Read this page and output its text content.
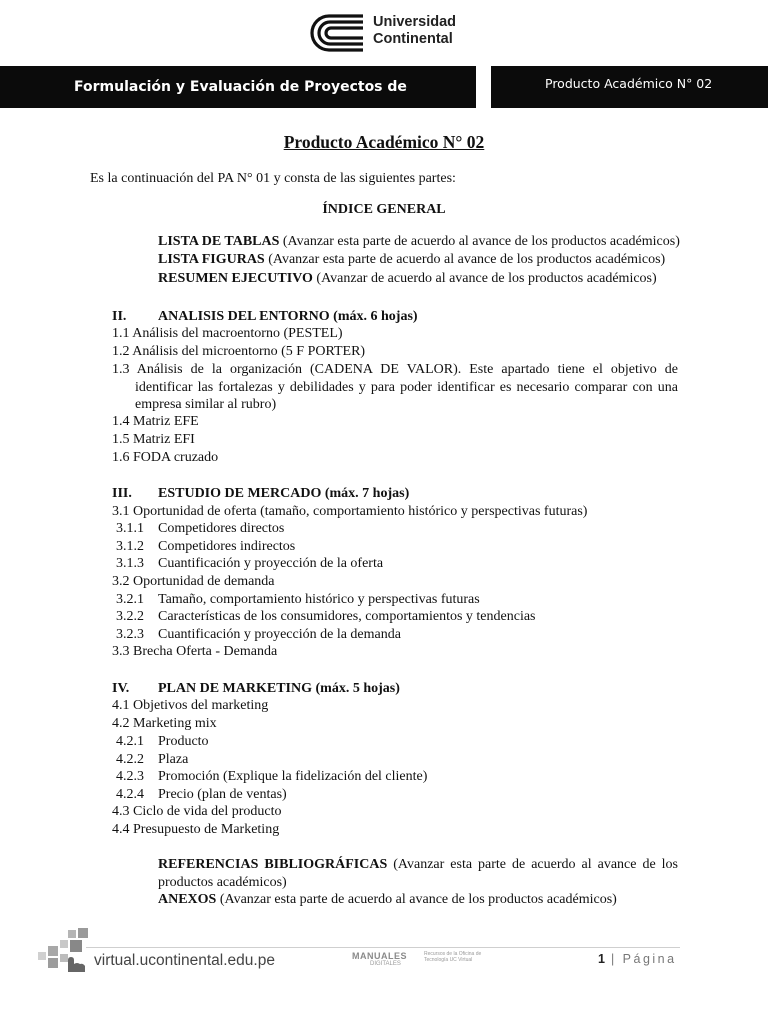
Universidad
Continental
Formulación y Evaluación de Proyectos de Inversión
Producto Académico N° 02
Producto Académico N° 02
Es la continuación del PA N° 01 y consta de las siguientes partes:
ÍNDICE GENERAL
LISTA DE TABLAS (Avanzar esta parte de acuerdo al avance de los productos académicos)
LISTA FIGURAS (Avanzar esta parte de acuerdo al avance de los productos académicos)
RESUMEN EJECUTIVO (Avanzar de acuerdo al avance de los productos académicos)
II. ANALISIS DEL ENTORNO (máx. 6 hojas)
1.1 Análisis del macroentorno (PESTEL)
1.2 Análisis del microentorno (5 F PORTER)
1.3 Análisis de la organización (CADENA DE VALOR). Este apartado tiene el objetivo de identificar las fortalezas y debilidades y para poder identificar es necesario comparar con una empresa similar al rubro)
1.4 Matriz EFE
1.5 Matriz EFI
1.6 FODA cruzado
III. ESTUDIO DE MERCADO (máx. 7 hojas)
3.1 Oportunidad de oferta (tamaño, comportamiento histórico y perspectivas futuras)
3.1.1 Competidores directos
3.1.2 Competidores indirectos
3.1.3 Cuantificación y proyección de la oferta
3.2 Oportunidad de demanda
3.2.1 Tamaño, comportamiento histórico y perspectivas futuras
3.2.2 Características de los consumidores, comportamientos y tendencias
3.2.3 Cuantificación y proyección de la demanda
3.3 Brecha Oferta - Demanda
IV. PLAN DE MARKETING (máx. 5 hojas)
4.1 Objetivos del marketing
4.2 Marketing mix
4.2.1 Producto
4.2.2 Plaza
4.2.3 Promoción (Explique la fidelización del cliente)
4.2.4 Precio (plan de ventas)
4.3 Ciclo de vida del producto
4.4 Presupuesto de Marketing
REFERENCIAS BIBLIOGRÁFICAS (Avanzar esta parte de acuerdo al avance de los productos académicos)
ANEXOS (Avanzar esta parte de acuerdo al avance de los productos académicos)
virtual.ucontinental.edu.pe	MANUALES
DIGITALES
Recursos de la Oficina de Tecnología UC Virtual	1 | Página
